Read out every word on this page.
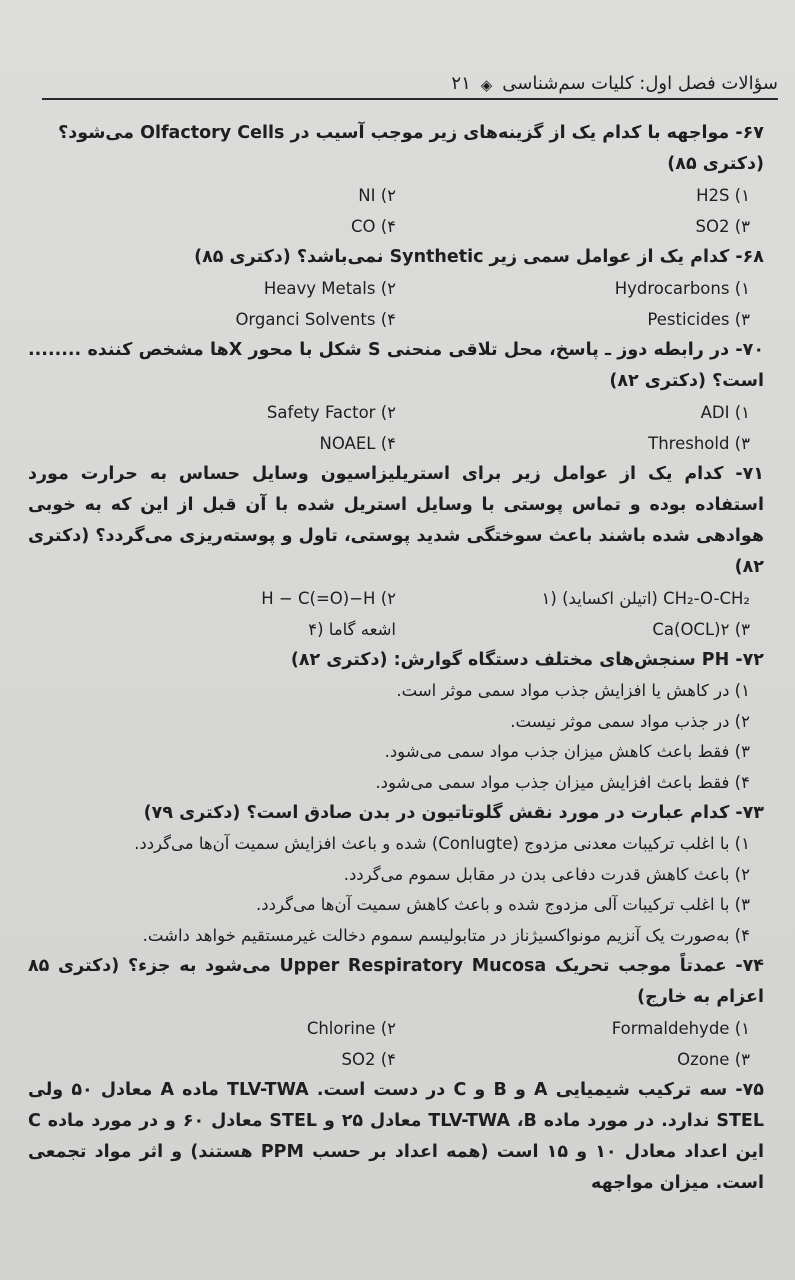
سؤالات فصل اول: کلیات سم‌شناسی
◈
۲۱
۶۷- مواجهه با کدام یک از گزینه‌های زیر موجب آسیب در Olfactory Cells می‌شود؟ (دکتری ۸۵)
H2S (۱
NI (۲
SO2 (۳
CO (۴
۶۸- کدام یک از عوامل سمی زیر Synthetic نمی‌باشد؟ (دکتری ۸۵)
Hydrocarbons (۱
Heavy Metals (۲
Pesticides (۳
Organci Solvents (۴
۷۰- در رابطه دوز ـ پاسخ، محل تلاقی منحنی S شکل با محور Xها مشخص کننده ........ است؟ (دکتری ۸۲)
ADI (۱
Safety Factor (۲
Threshold (۳
NOAEL (۴
۷۱- کدام یک از عوامل زیر برای استریلیزاسیون وسایل حساس به حرارت مورد استفاده بوده و تماس پوستی با وسایل استریل شده با آن قبل از این که به خوبی هوادهی شده باشند باعث سوختگی شدید پوستی، تاول و پوسته‌ریزی می‌گردد؟ (دکتری ۸۲)
CH₂-O-CH₂ (اتیلن اکساید) (۱
H − C(=O)−H (۲
Ca(OCL)۲ (۳
اشعه گاما (۴
۷۲- PH سنجش‌های مختلف دستگاه گوارش: (دکتری ۸۲)
۱) در کاهش یا افزایش جذب مواد سمی موثر است.
۲) در جذب مواد سمی موثر نیست.
۳) فقط باعث کاهش میزان جذب مواد سمی می‌شود.
۴) فقط باعث افزایش میزان جذب مواد سمی می‌شود.
۷۳- کدام عبارت در مورد نقش گلوتاتیون در بدن صادق است؟ (دکتری ۷۹)
۱) با اغلب ترکیبات معدنی مزدوج (Conlugte) شده و باعث افزایش سمیت آن‌ها می‌گردد.
۲) باعث کاهش قدرت دفاعی بدن در مقابل سموم می‌گردد.
۳) با اغلب ترکیبات آلی مزدوج شده و باعث کاهش سمیت آن‌ها می‌گردد.
۴) به‌صورت یک آنزیم مونواکسیژناز در متابولیسم سموم دخالت غیرمستقیم خواهد داشت.
۷۴- عمدتاً موجب تحریک Upper Respiratory Mucosa می‌شود به جزء؟ (دکتری ۸۵ اعزام به خارج)
Formaldehyde (۱
Chlorine (۲
Ozone (۳
SO2 (۴
۷۵- سه ترکیب شیمیایی A و B و C در دست است. TLV-TWA ماده A معادل ۵۰ ولی STEL ندارد. در مورد ماده TLV-TWA ،B معادل ۲۵ و STEL معادل ۶۰ و در مورد ماده C این اعداد معادل ۱۰ و ۱۵ است (همه اعداد بر حسب PPM هستند) و اثر مواد تجمعی است. میزان مواجهه
